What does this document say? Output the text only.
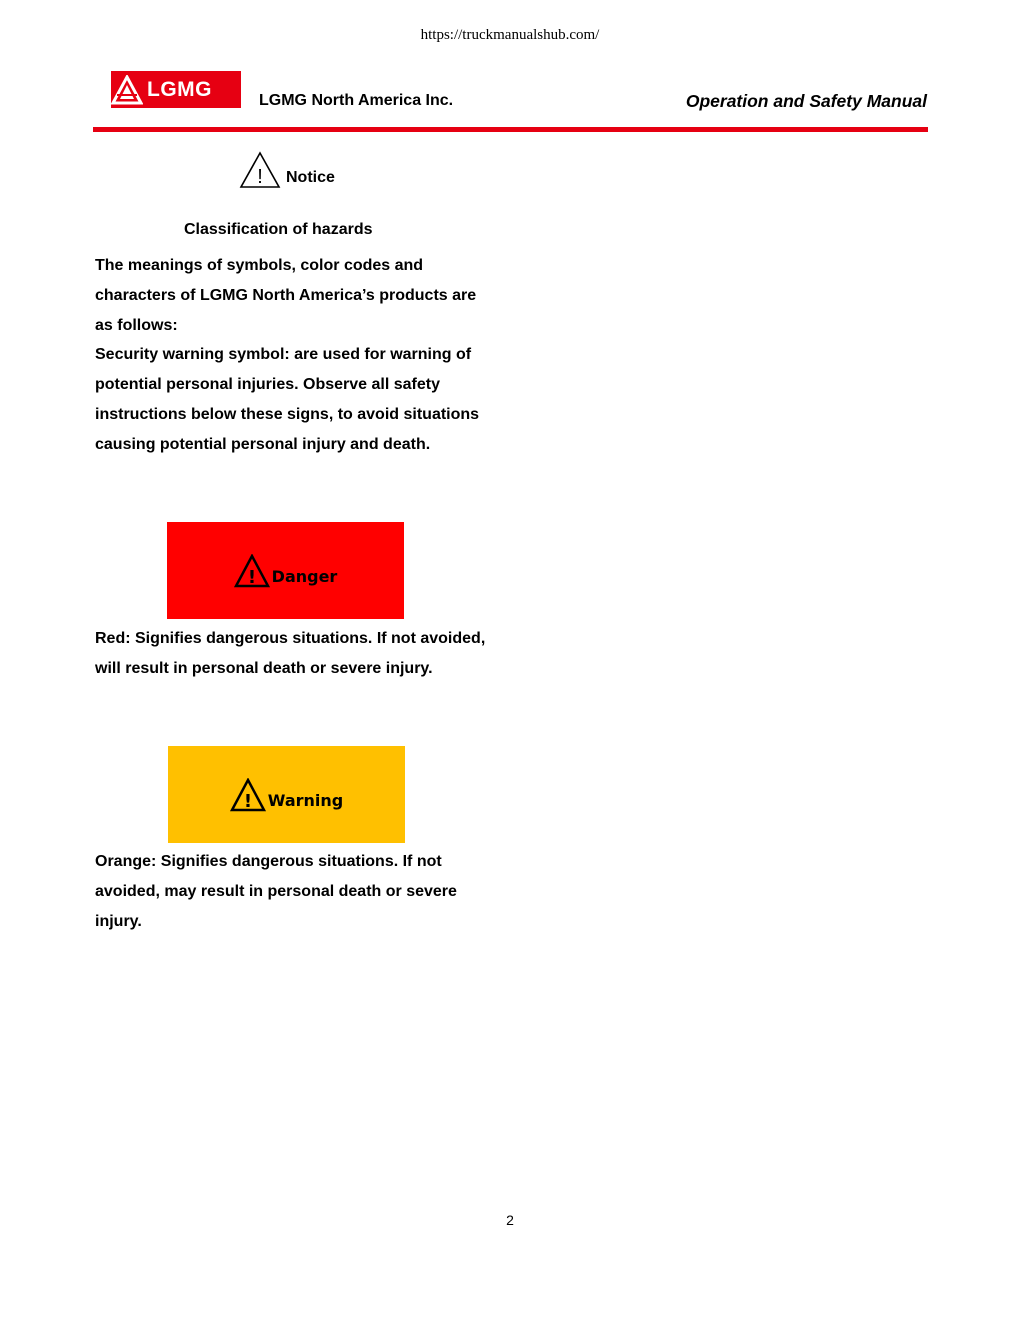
https://truckmanualshub.com/
LGMG	LGMG North America Inc.	Operation and Safety Manual
! Notice
Classification of hazards

The meanings of symbols, color codes and characters of LGMG North America’s products are as follows:

Security warning symbol: are used for warning of potential personal injuries. Observe all safety instructions below these signs, to avoid situations causing potential personal injury and death.

! Danger

Red: Signifies dangerous situations. If not avoided, will result in personal death or severe injury.

! Warning

Orange: Signifies dangerous situations. If not avoided, may result in personal death or severe injury.

2
